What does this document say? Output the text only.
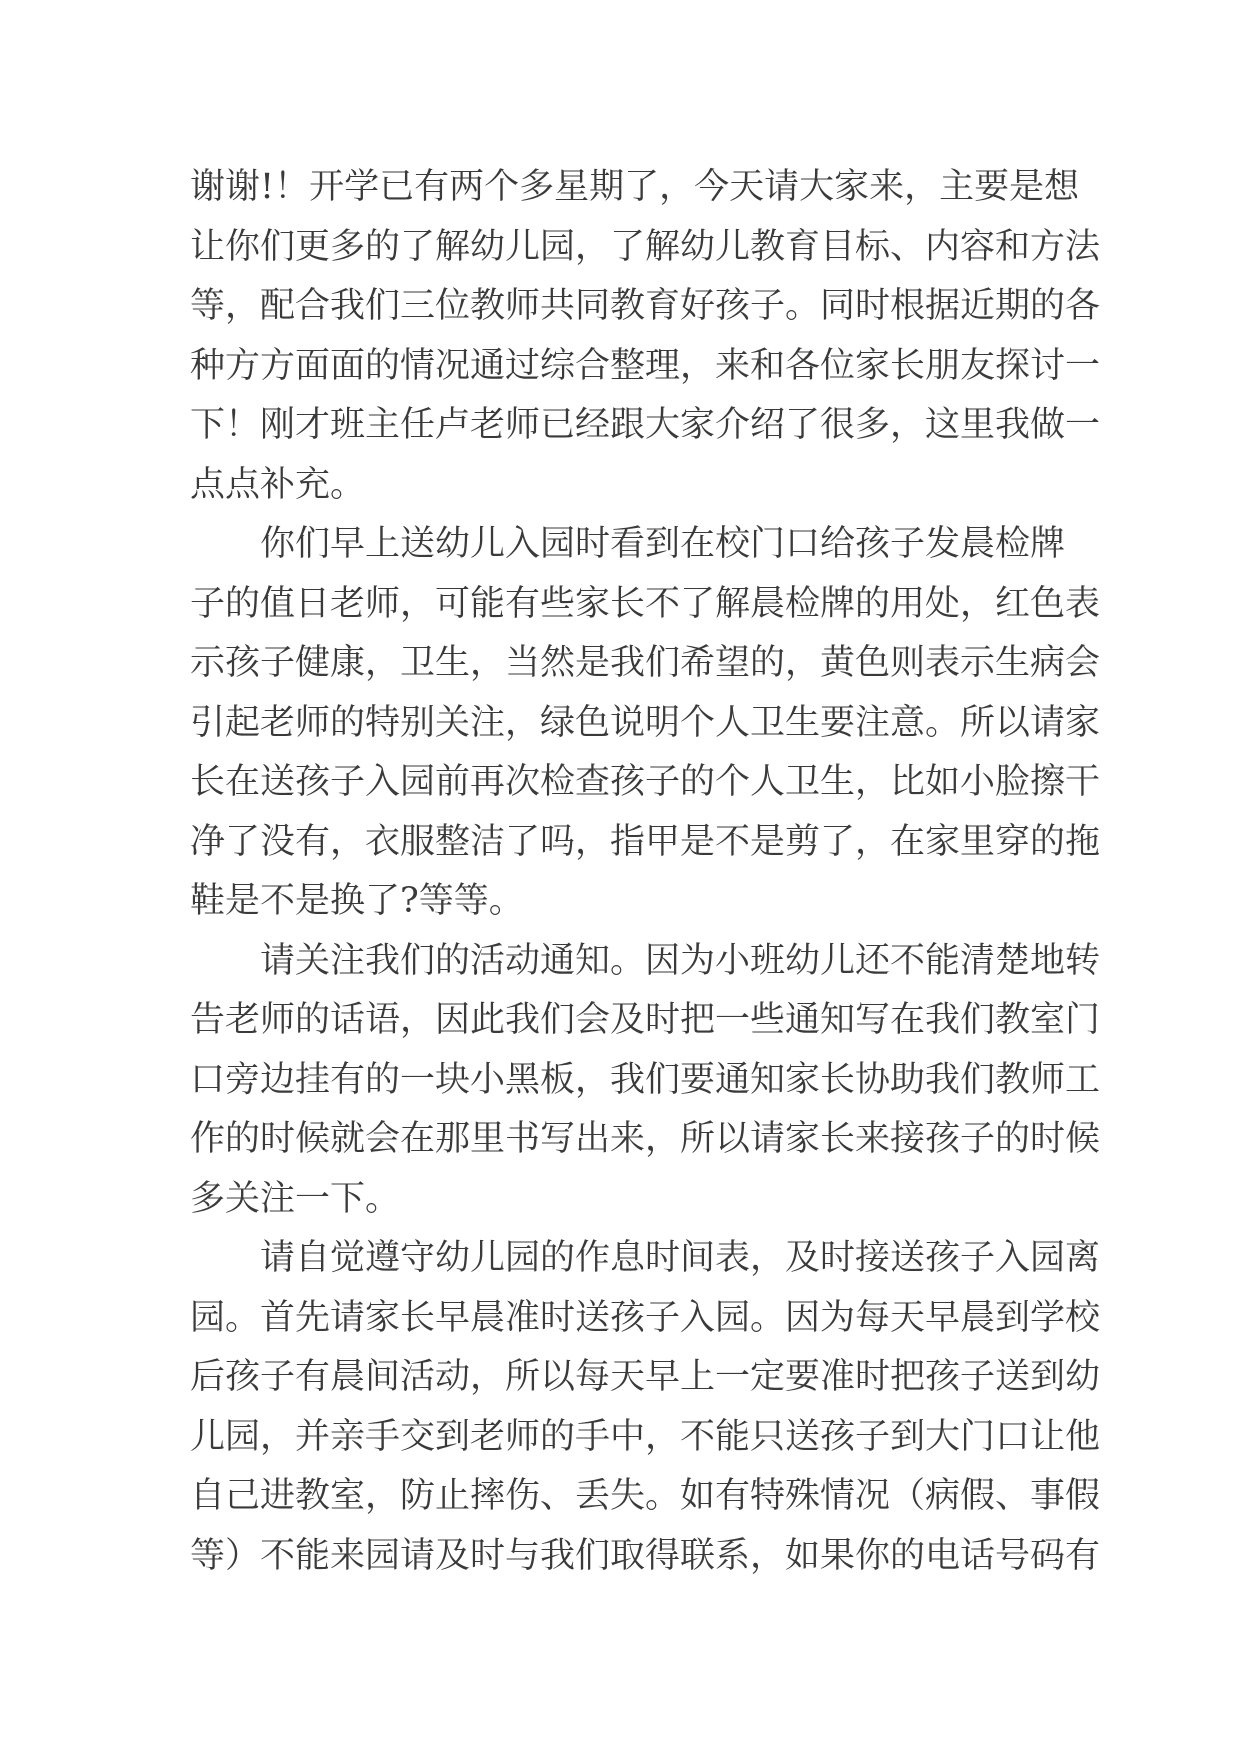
谢谢!！开学已有两个多星期了，今天请大家来，主要是想
让你们更多的了解幼儿园，了解幼儿教育目标、内容和方法
等，配合我们三位教师共同教育好孩子。同时根据近期的各
种方方面面的情况通过综合整理，来和各位家长朋友探讨一
下！刚才班主任卢老师已经跟大家介绍了很多，这里我做一
点点补充。
你们早上送幼儿入园时看到在校门口给孩子发晨检牌
子的值日老师，可能有些家长不了解晨检牌的用处，红色表
示孩子健康，卫生，当然是我们希望的，黄色则表示生病会
引起老师的特别关注，绿色说明个人卫生要注意。所以请家
长在送孩子入园前再次检查孩子的个人卫生，比如小脸擦干
净了没有，衣服整洁了吗，指甲是不是剪了，在家里穿的拖
鞋是不是换了?等等。
请关注我们的活动通知。因为小班幼儿还不能清楚地转
告老师的话语，因此我们会及时把一些通知写在我们教室门
口旁边挂有的一块小黑板，我们要通知家长协助我们教师工
作的时候就会在那里书写出来，所以请家长来接孩子的时候
多关注一下。
请自觉遵守幼儿园的作息时间表，及时接送孩子入园离
园。首先请家长早晨准时送孩子入园。因为每天早晨到学校
后孩子有晨间活动，所以每天早上一定要准时把孩子送到幼
儿园，并亲手交到老师的手中，不能只送孩子到大门口让他
自己进教室，防止摔伤、丢失。如有特殊情况（病假、事假
等）不能来园请及时与我们取得联系，如果你的电话号码有
